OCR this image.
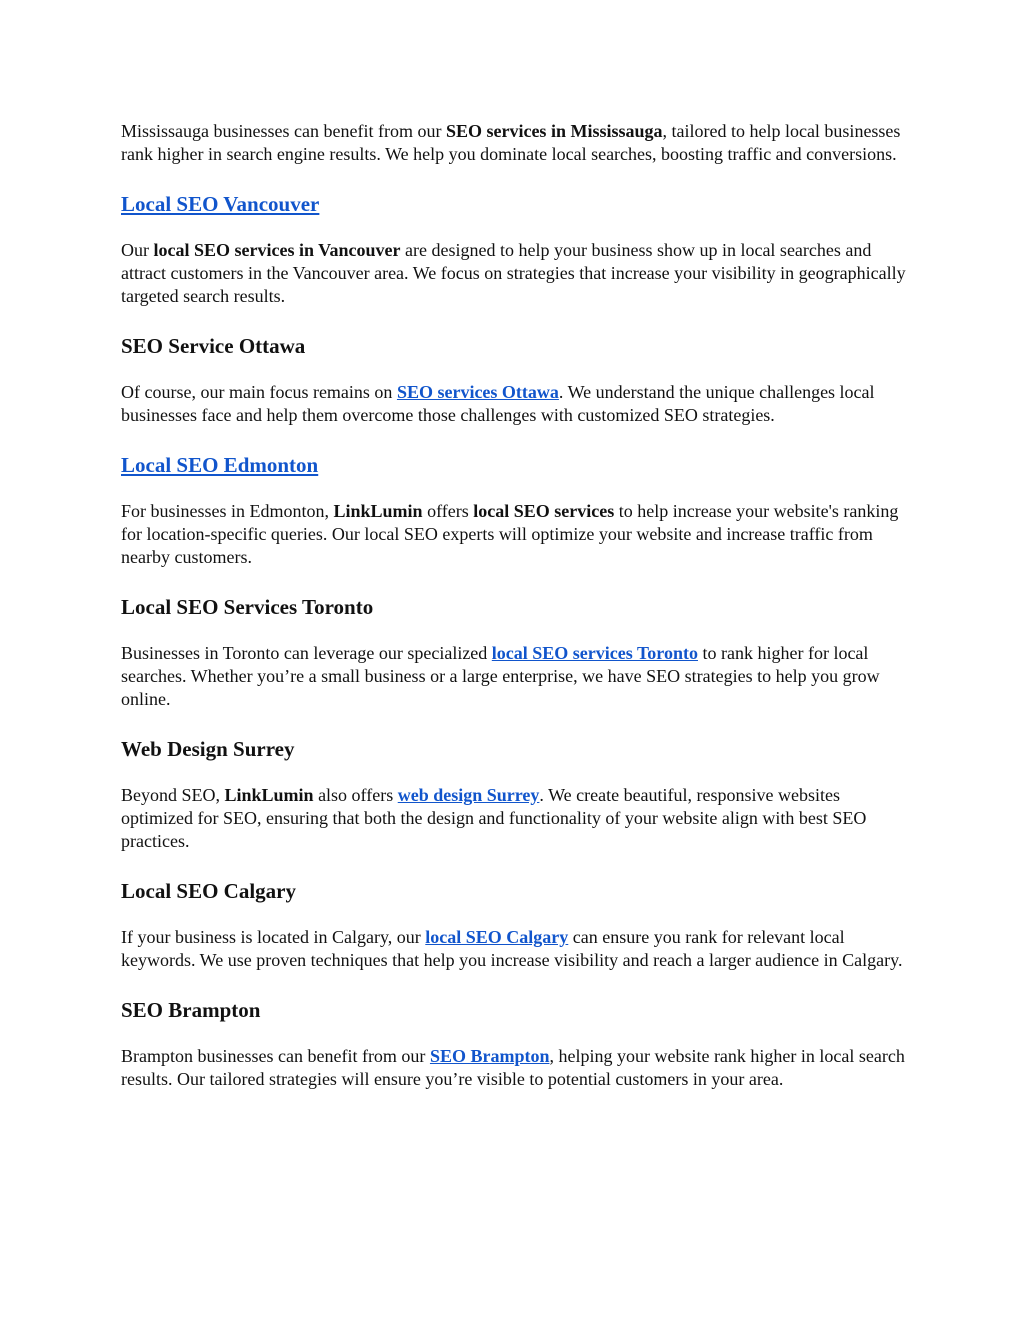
Mississauga businesses can benefit from our SEO services in Mississauga, tailored to help local businesses rank higher in search engine results. We help you dominate local searches, boosting traffic and conversions.

Local SEO Vancouver

Our local SEO services in Vancouver are designed to help your business show up in local searches and attract customers in the Vancouver area. We focus on strategies that increase your visibility in geographically targeted search results.

SEO Service Ottawa

Of course, our main focus remains on SEO services Ottawa. We understand the unique challenges local businesses face and help them overcome those challenges with customized SEO strategies.

Local SEO Edmonton

For businesses in Edmonton, LinkLumin offers local SEO services to help increase your website's ranking for location-specific queries. Our local SEO experts will optimize your website and increase traffic from nearby customers.

Local SEO Services Toronto

Businesses in Toronto can leverage our specialized local SEO services Toronto to rank higher for local searches. Whether you’re a small business or a large enterprise, we have SEO strategies to help you grow online.

Web Design Surrey

Beyond SEO, LinkLumin also offers web design Surrey. We create beautiful, responsive websites optimized for SEO, ensuring that both the design and functionality of your website align with best SEO practices.

Local SEO Calgary

If your business is located in Calgary, our local SEO Calgary can ensure you rank for relevant local keywords. We use proven techniques that help you increase visibility and reach a larger audience in Calgary.

SEO Brampton

Brampton businesses can benefit from our SEO Brampton, helping your website rank higher in local search results. Our tailored strategies will ensure you’re visible to potential customers in your area.
